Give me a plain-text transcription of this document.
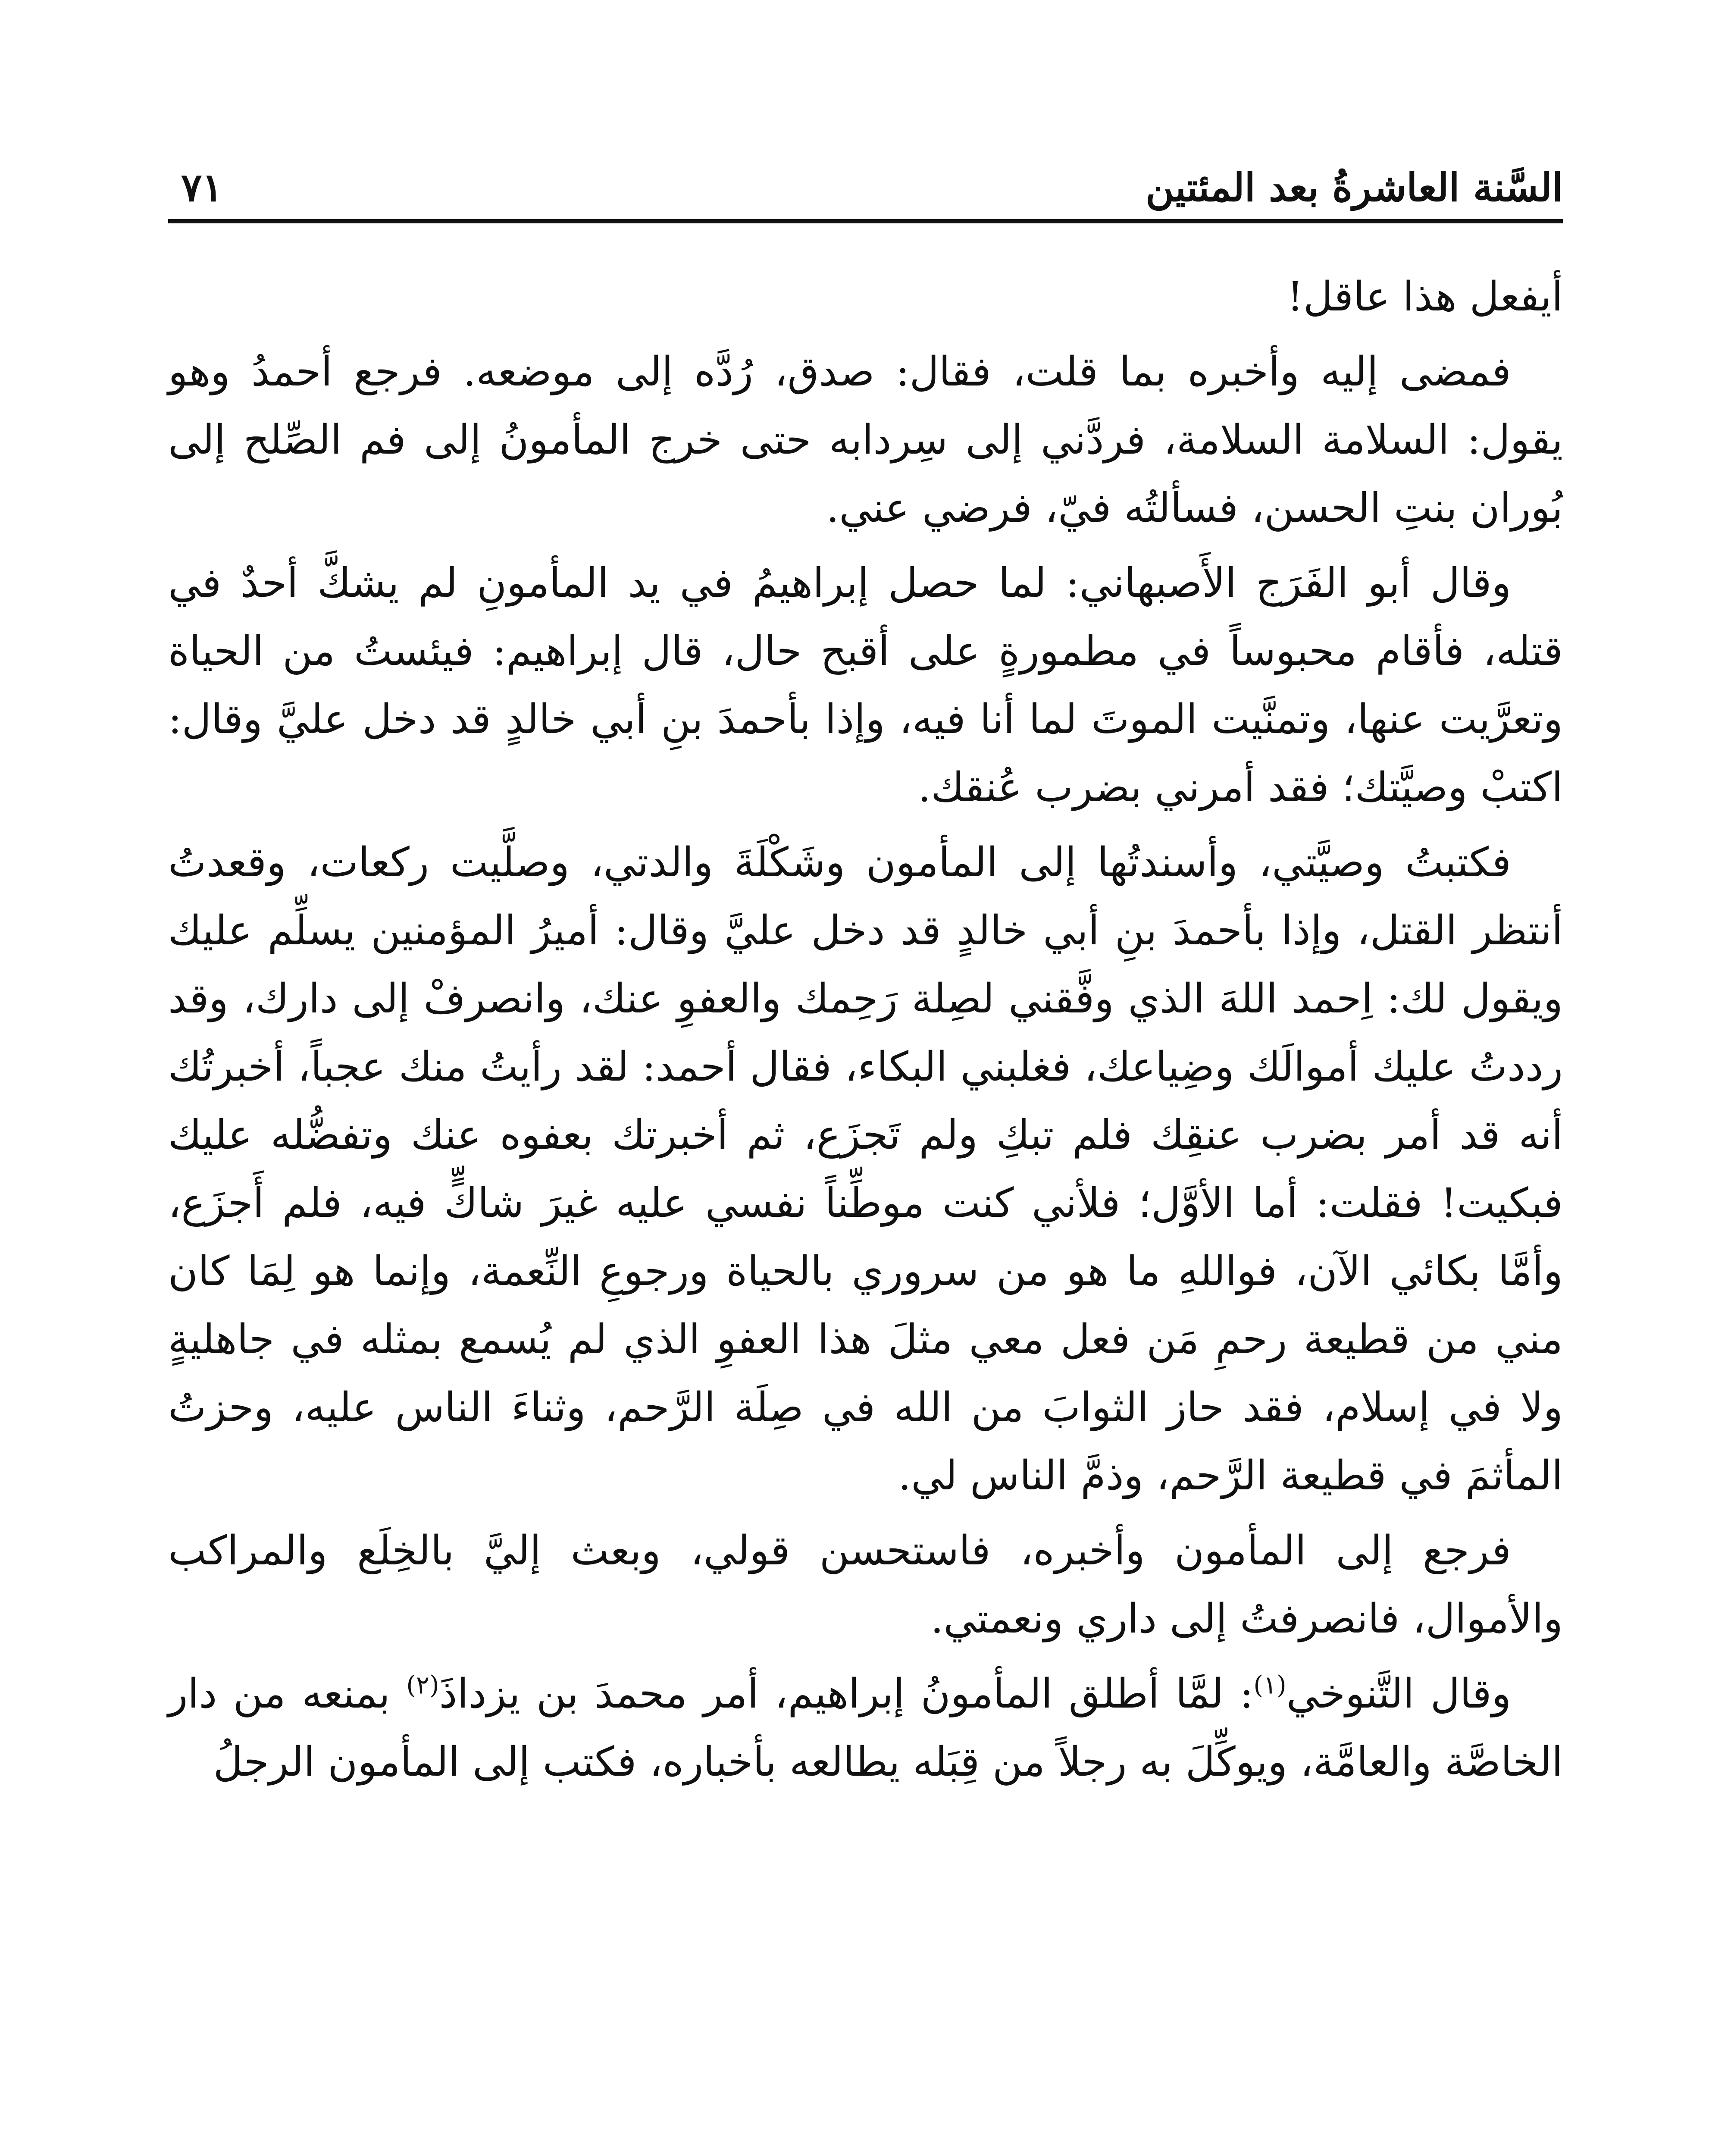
السَّنة العاشرةُ بعد المئتين
٧١

أيفعل هذا عاقل!

فمضى إليه وأخبره بما قلت، فقال: صدق، رُدَّه إلى موضعه. فرجع أحمدُ وهو يقول: السلامة السلامة، فردَّني إلى سِردابه حتى خرج المأمونُ إلى فم الصِّلح إلى بُوران بنتِ الحسن، فسألتُه فيّ، فرضي عني.

وقال أبو الفَرَج الأَصبهاني: لما حصل إبراهيمُ في يد المأمونِ لم يشكَّ أحدٌ في قتله، فأقام محبوساً في مطمورةٍ على أقبح حال، قال إبراهيم: فيئستُ من الحياة وتعرَّيت عنها، وتمنَّيت الموتَ لما أنا فيه، وإذا بأحمدَ بنِ أبي خالدٍ قد دخل عليَّ وقال: اكتبْ وصيَّتك؛ فقد أمرني بضرب عُنقك.

فكتبتُ وصيَّتي، وأسندتُها إلى المأمون وشَكْلَةَ والدتي، وصلَّيت ركعات، وقعدتُ أنتظر القتل، وإذا بأحمدَ بنِ أبي خالدٍ قد دخل عليَّ وقال: أميرُ المؤمنين يسلِّم عليك ويقول لك: اِحمد اللهَ الذي وفَّقني لصِلة رَحِمك والعفوِ عنك، وانصرفْ إلى دارك، وقد رددتُ عليك أموالَك وضِياعك، فغلبني البكاء، فقال أحمد: لقد رأيتُ منك عجباً، أخبرتُك أنه قد أمر بضرب عنقِك فلم تبكِ ولم تَجزَع، ثم أخبرتك بعفوه عنك وتفضُّله عليك فبكيت! فقلت: أما الأوَّل؛ فلأني كنت موطِّناً نفسي عليه غيرَ شاكٍّ فيه، فلم أَجزَع، وأمَّا بكائي الآن، فواللهِ ما هو من سروري بالحياة ورجوعِ النِّعمة، وإنما هو لِمَا كان مني من قطيعة رحمِ مَن فعل معي مثلَ هذا العفوِ الذي لم يُسمع بمثله في جاهليةٍ ولا في إسلام، فقد حاز الثوابَ من الله في صِلَة الرَّحم، وثناءَ الناس عليه، وحزتُ المأثمَ في قطيعة الرَّحم، وذمَّ الناس لي.

فرجع إلى المأمون وأخبره، فاستحسن قولي، وبعث إليَّ بالخِلَع والمراكب والأموال، فانصرفتُ إلى داري ونعمتي.

وقال التَّنوخي$^{(١)}$: لمَّا أطلق المأمونُ إبراهيم، أمر محمدَ بن يزداذَ$^{(٢)}$ بمنعه من دار الخاصَّة والعامَّة، ويوكِّلَ به رجلاً من قِبَله يطالعه بأخباره، فكتب إلى المأمون الرجلُ
